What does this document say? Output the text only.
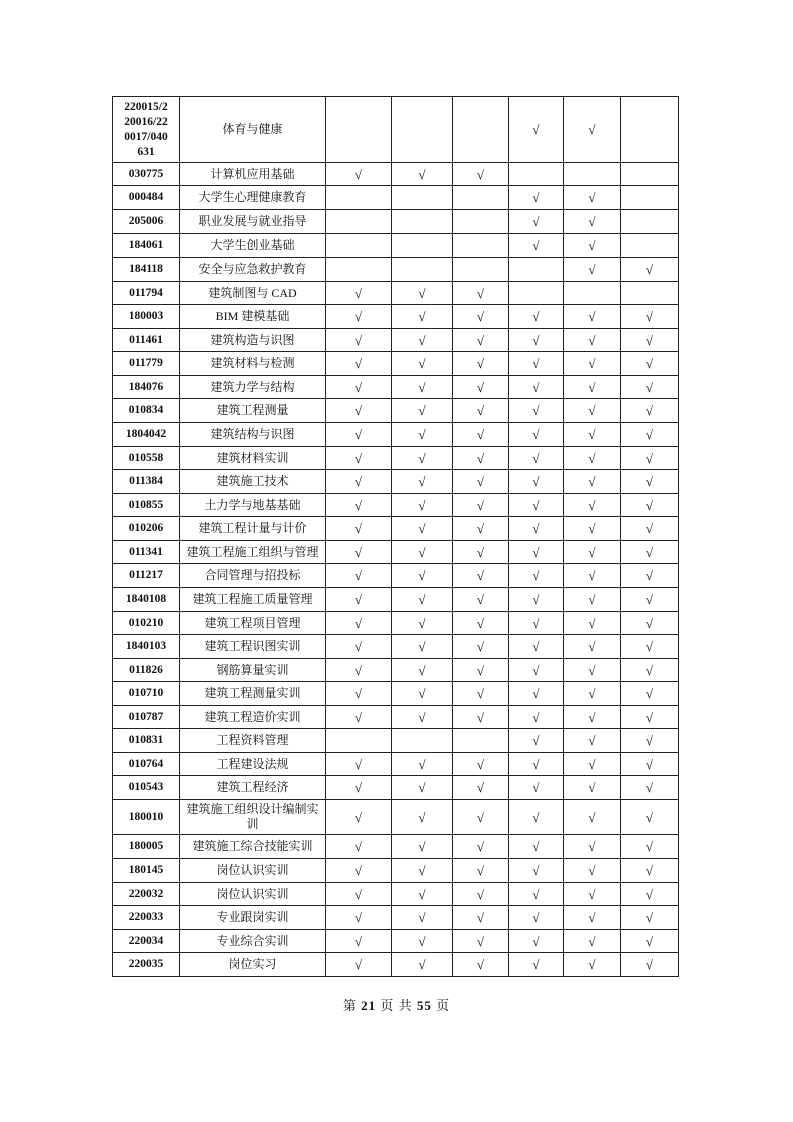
220015/2
20016/22
0017/040
631	体育与健康				√	√	
030775	计算机应用基础	√	√	√			
000484	大学生心理健康教育				√	√	
205006	职业发展与就业指导				√	√	
184061	大学生创业基础				√	√	
184118	安全与应急救护教育					√	√
011794	建筑制图与 CAD	√	√	√			
180003	BIM 建模基础	√	√	√	√	√	√
011461	建筑构造与识图	√	√	√	√	√	√
011779	建筑材料与检测	√	√	√	√	√	√
184076	建筑力学与结构	√	√	√	√	√	√
010834	建筑工程测量	√	√	√	√	√	√
1804042	建筑结构与识图	√	√	√	√	√	√
010558	建筑材料实训	√	√	√	√	√	√
011384	建筑施工技术	√	√	√	√	√	√
010855	土力学与地基基础	√	√	√	√	√	√
010206	建筑工程计量与计价	√	√	√	√	√	√
011341	建筑工程施工组织与管理	√	√	√	√	√	√
011217	合同管理与招投标	√	√	√	√	√	√
1840108	建筑工程施工质量管理	√	√	√	√	√	√
010210	建筑工程项目管理	√	√	√	√	√	√
1840103	建筑工程识图实训	√	√	√	√	√	√
011826	钢筋算量实训	√	√	√	√	√	√
010710	建筑工程测量实训	√	√	√	√	√	√
010787	建筑工程造价实训	√	√	√	√	√	√
010831	工程资料管理				√	√	√
010764	工程建设法规	√	√	√	√	√	√
010543	建筑工程经济	√	√	√	√	√	√
180010	建筑施工组织设计编制实
训	√	√	√	√	√	√
180005	建筑施工综合技能实训	√	√	√	√	√	√
180145	岗位认识实训	√	√	√	√	√	√
220032	岗位认识实训	√	√	√	√	√	√
220033	专业跟岗实训	√	√	√	√	√	√
220034	专业综合实训	√	√	√	√	√	√
220035	岗位实习	√	√	√	√	√	√
第 21 页 共 55 页
